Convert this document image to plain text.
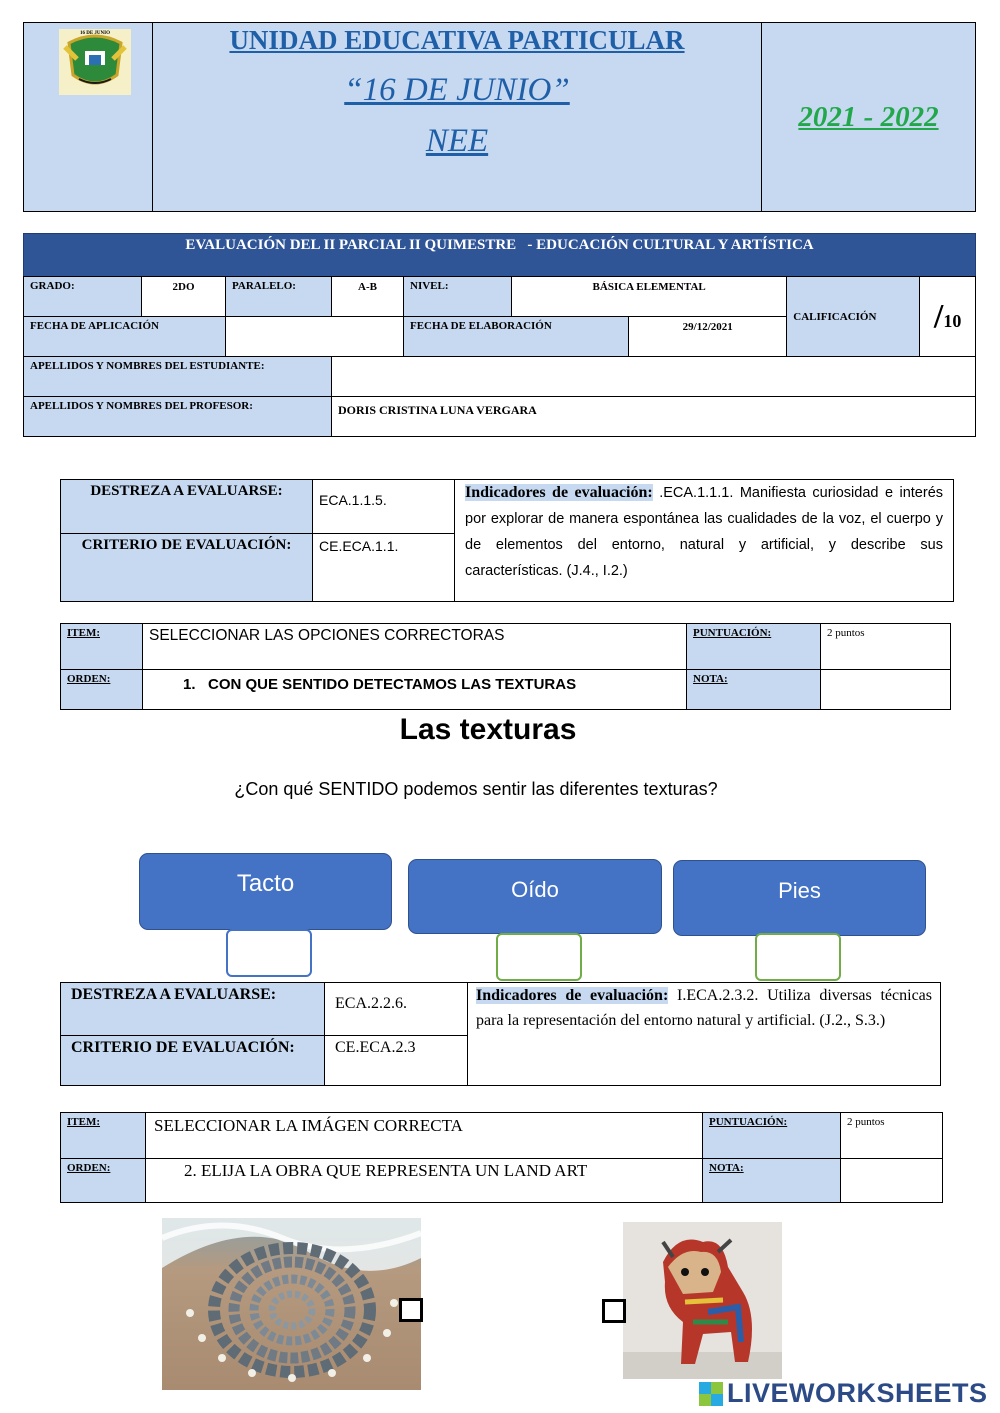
16 DE JUNIO	UNIDAD EDUCATIVA PARTICULAR
“16 DE JUNIO”
NEE
	2021 - 2022
EVALUACIÓN DEL II PARCIAL II QUIMESTRE   - EDUCACIÓN CULTURAL Y ARTÍSTICA
GRADO:	2DO	PARALELO:	A-B	NIVEL:	BÁSICA ELEMENTAL		CALIFICACIÓN	/10
FECHA DE APLICACIÓN				FECHA DE ELABORACIÓN		29/12/2021		
APELLIDOS Y NOMBRES DEL ESTUDIANTE:								
APELLIDOS Y NOMBRES DEL PROFESOR:			DORIS CRISTINA LUNA VERGARA					
DESTREZA A EVALUARSE:	ECA.1.1.5.	Indicadores de evaluación: .ECA.1.1.1. Manifiesta curiosidad e interés por explorar de manera espontánea las cualidades de la voz, el cuerpo y de elementos del entorno, natural y artificial, y describe sus características. (J.4., I.2.)
CRITERIO DE EVALUACIÓN:	CE.ECA.1.1.	
ITEM:	SELECCIONAR LAS OPCIONES CORRECTORAS	PUNTUACIÓN:	2 puntos
ORDEN:	1.   CON QUE SENTIDO DETECTAMOS LAS TEXTURAS	NOTA:	
Las texturas
¿Con qué SENTIDO podemos sentir las diferentes texturas?
Tacto	Oído	Pies
DESTREZA A EVALUARSE:	ECA.2.2.6.	Indicadores de evaluación: I.ECA.2.3.2. Utiliza diversas técnicas para la representación del entorno natural y artificial. (J.2., S.3.)
CRITERIO DE EVALUACIÓN:	CE.ECA.2.3	
ITEM:	SELECCIONAR LA IMÁGEN CORRECTA	PUNTUACIÓN:	2 puntos
ORDEN:	2. ELIJA LA OBRA QUE REPRESENTA UN LAND ART	NOTA:	
LIVEWORKSHEETS
